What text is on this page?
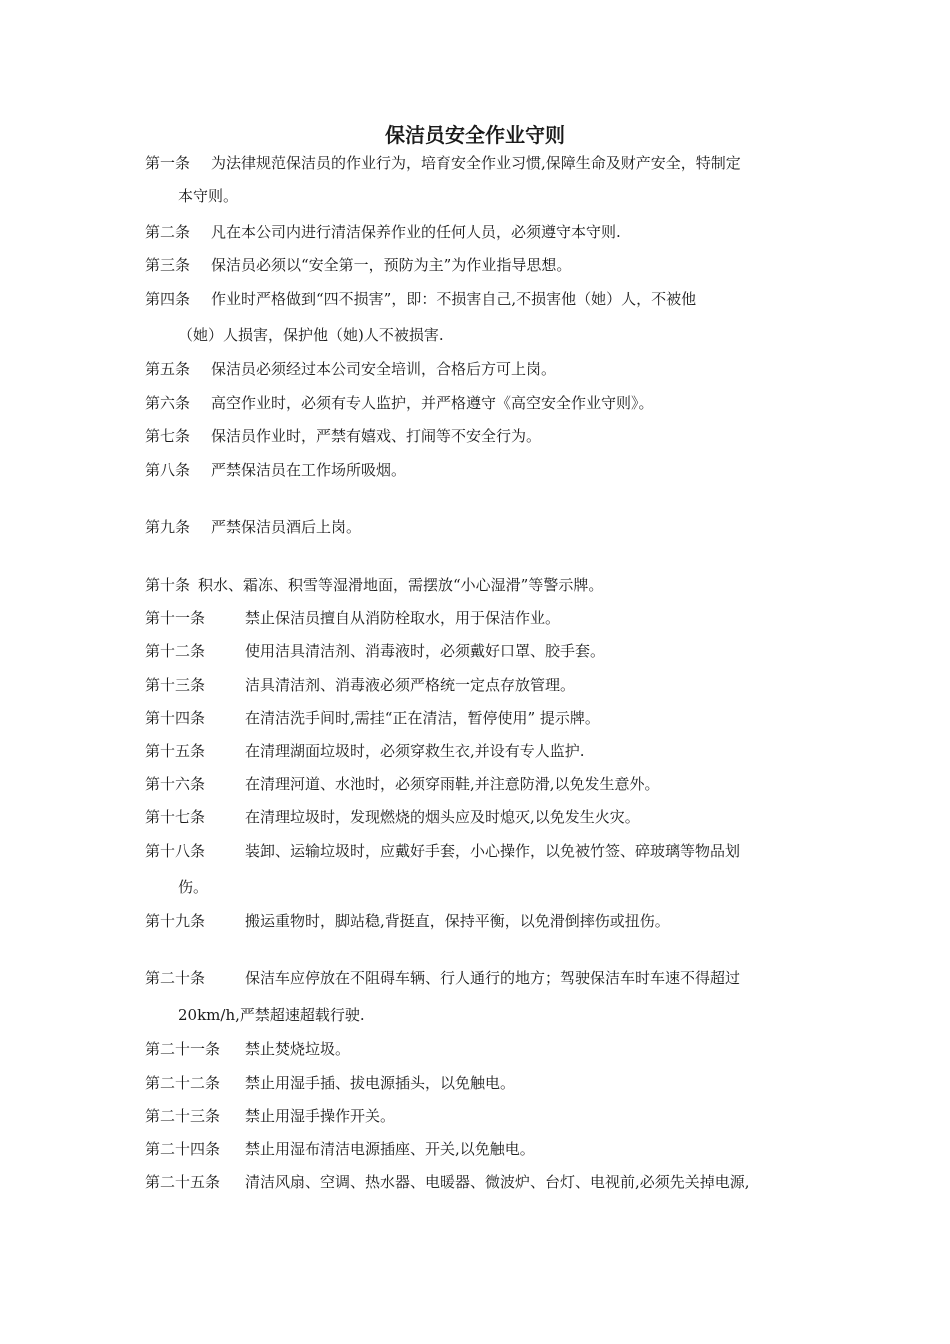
保洁员安全作业守则
第一条 为法律规范保洁员的作业行为，培育安全作业习惯,保障生命及财产安全，特制定
本守则。
第二条 凡在本公司内进行清洁保养作业的任何人员，必须遵守本守则.
第三条 保洁员必须以“安全第一，预防为主”为作业指导思想。
第四条 作业时严格做到“四不损害”，即：不损害自己,不损害他（她）人，不被他
（她）人损害，保护他（她)人不被损害.
第五条 保洁员必须经过本公司安全培训，合格后方可上岗。
第六条 高空作业时，必须有专人监护，并严格遵守《高空安全作业守则》。
第七条 保洁员作业时，严禁有嬉戏、打闹等不安全行为。
第八条 严禁保洁员在工作场所吸烟。
第九条 严禁保洁员酒后上岗。
第十条 积水、霜冻、积雪等湿滑地面，需摆放“小心湿滑”等警示牌。
第十一条	禁止保洁员擅自从消防栓取水，用于保洁作业。
第十二条	使用洁具清洁剂、消毒液时，必须戴好口罩、胶手套。
第十三条	洁具清洁剂、消毒液必须严格统一定点存放管理。
第十四条	在清洁洗手间时,需挂“正在清洁，暂停使用” 提示牌。
第十五条	在清理湖面垃圾时，必须穿救生衣,并设有专人监护.
第十六条	在清理河道、水池时，必须穿雨鞋,并注意防滑,以免发生意外。
第十七条	在清理垃圾时，发现燃烧的烟头应及时熄灭,以免发生火灾。
第十八条	装卸、运输垃圾时，应戴好手套，小心操作，以免被竹签、碎玻璃等物品划
伤。
第十九条	搬运重物时，脚站稳,背挺直，保持平衡，以免滑倒摔伤或扭伤。
第二十条	保洁车应停放在不阻碍车辆、行人通行的地方；驾驶保洁车时车速不得超过
20km/h,严禁超速超载行驶.
第二十一条 禁止焚烧垃圾。
第二十二条 禁止用湿手插、拔电源插头，以免触电。
第二十三条 禁止用湿手操作开关。
第二十四条 禁止用湿布清洁电源插座、开关,以免触电。
第二十五条 清洁风扇、空调、热水器、电暖器、微波炉、台灯、电视前,必须先关掉电源,
